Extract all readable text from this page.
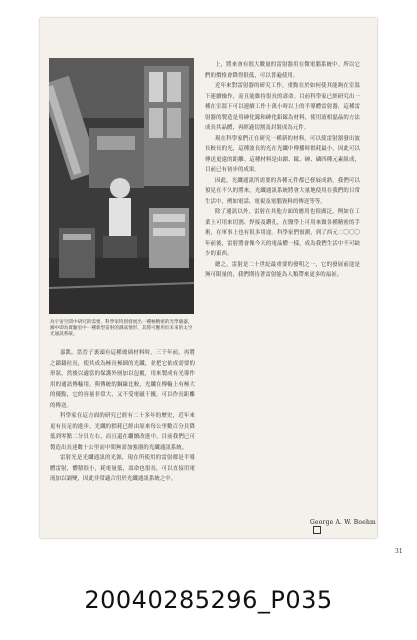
為宇宙空間中研究的需要，科學家特別發展出一種極精密的光學儀器，圖中即為實驗室中一種新型雷射的測試情形，其將可應用於未來的太空光通訊系統。

嘉凱。當晉子裏頭有這種玻璃材料時，三千年前，再將之鎔鑄拉長，使其成為極長極細的光纖，並把它依成需要的形狀，然後以適當的保護外層加以包覆，用來製成有光導作用的通訊傳輸用。與傳統的銅線比較，光纖在傳輸上有極大的優點，它的容量非常大，又不受電磁干擾，可以作長距離的傳送。

科學家在這方面的研究已經有二十多年的歷史，近年來更有長足的進步。光纖的損耗已經由原來每公里數百分貝降低到零點二分貝左右，而且還在繼續改進中。目前我們已可製造出長達數十公里而中間無需加強器的光纖通訊系統。

雷射光是光纖通訊的光源，現在所使用的雷射都是半導體雷射，體積很小，耗電量低，壽命也很長，可以直接用電流加以調變，因此非常適合用於光纖通訊系統之中。

上，將來會有很大數量的雷射器用在微電腦系統中。所以它們的價格會降得很低，可以普遍使用。

近年來對雷射器的研究工作，重點在於如何使其能夠在室溫下連續操作，而且能維持很長的壽命。目前科學家已經研究出一種在室溫下可以連續工作十萬小時以上的半導體雷射器，這種雷射器的製造是用砷化鎵和砷化鋁鎵為材料，使用液相磊晶的方法成長其晶體，再經過切割及封裝成為元件。

現在科學家們正在研究一種新的材料，可以使雷射器發出波長較長的光，這種波長的光在光纖中傳播時損耗最小，因此可以傳送更遠的距離。這種材料是由銦、鎵、砷、磷四種元素組成，目前已有初步的成果。

因此，光纖通訊所需要的各種元件都已發展成熟，我們可以預見在不久的將來，光纖通訊系統將會大量地使用在我們的日常生活中，例如電話、電視及電腦資料的傳送等等。

除了通訊以外，雷射在其他方面的應用也很廣泛，例如在工業上可用來切割、焊接及鑽孔，在醫學上可用來做各種精密的手術，在軍事上也有很多用途。科學家們預測，到了西元二〇〇〇年前後，雷射將會像今天的電晶體一樣，成為我們生活中不可缺少的東西。

總之，雷射是二十世紀最重要的發明之一，它的發展前途是無可限量的，我們期待著雷射能為人類帶來更多的福祉。

George A. W. Boehm
31
20040285296_P035
